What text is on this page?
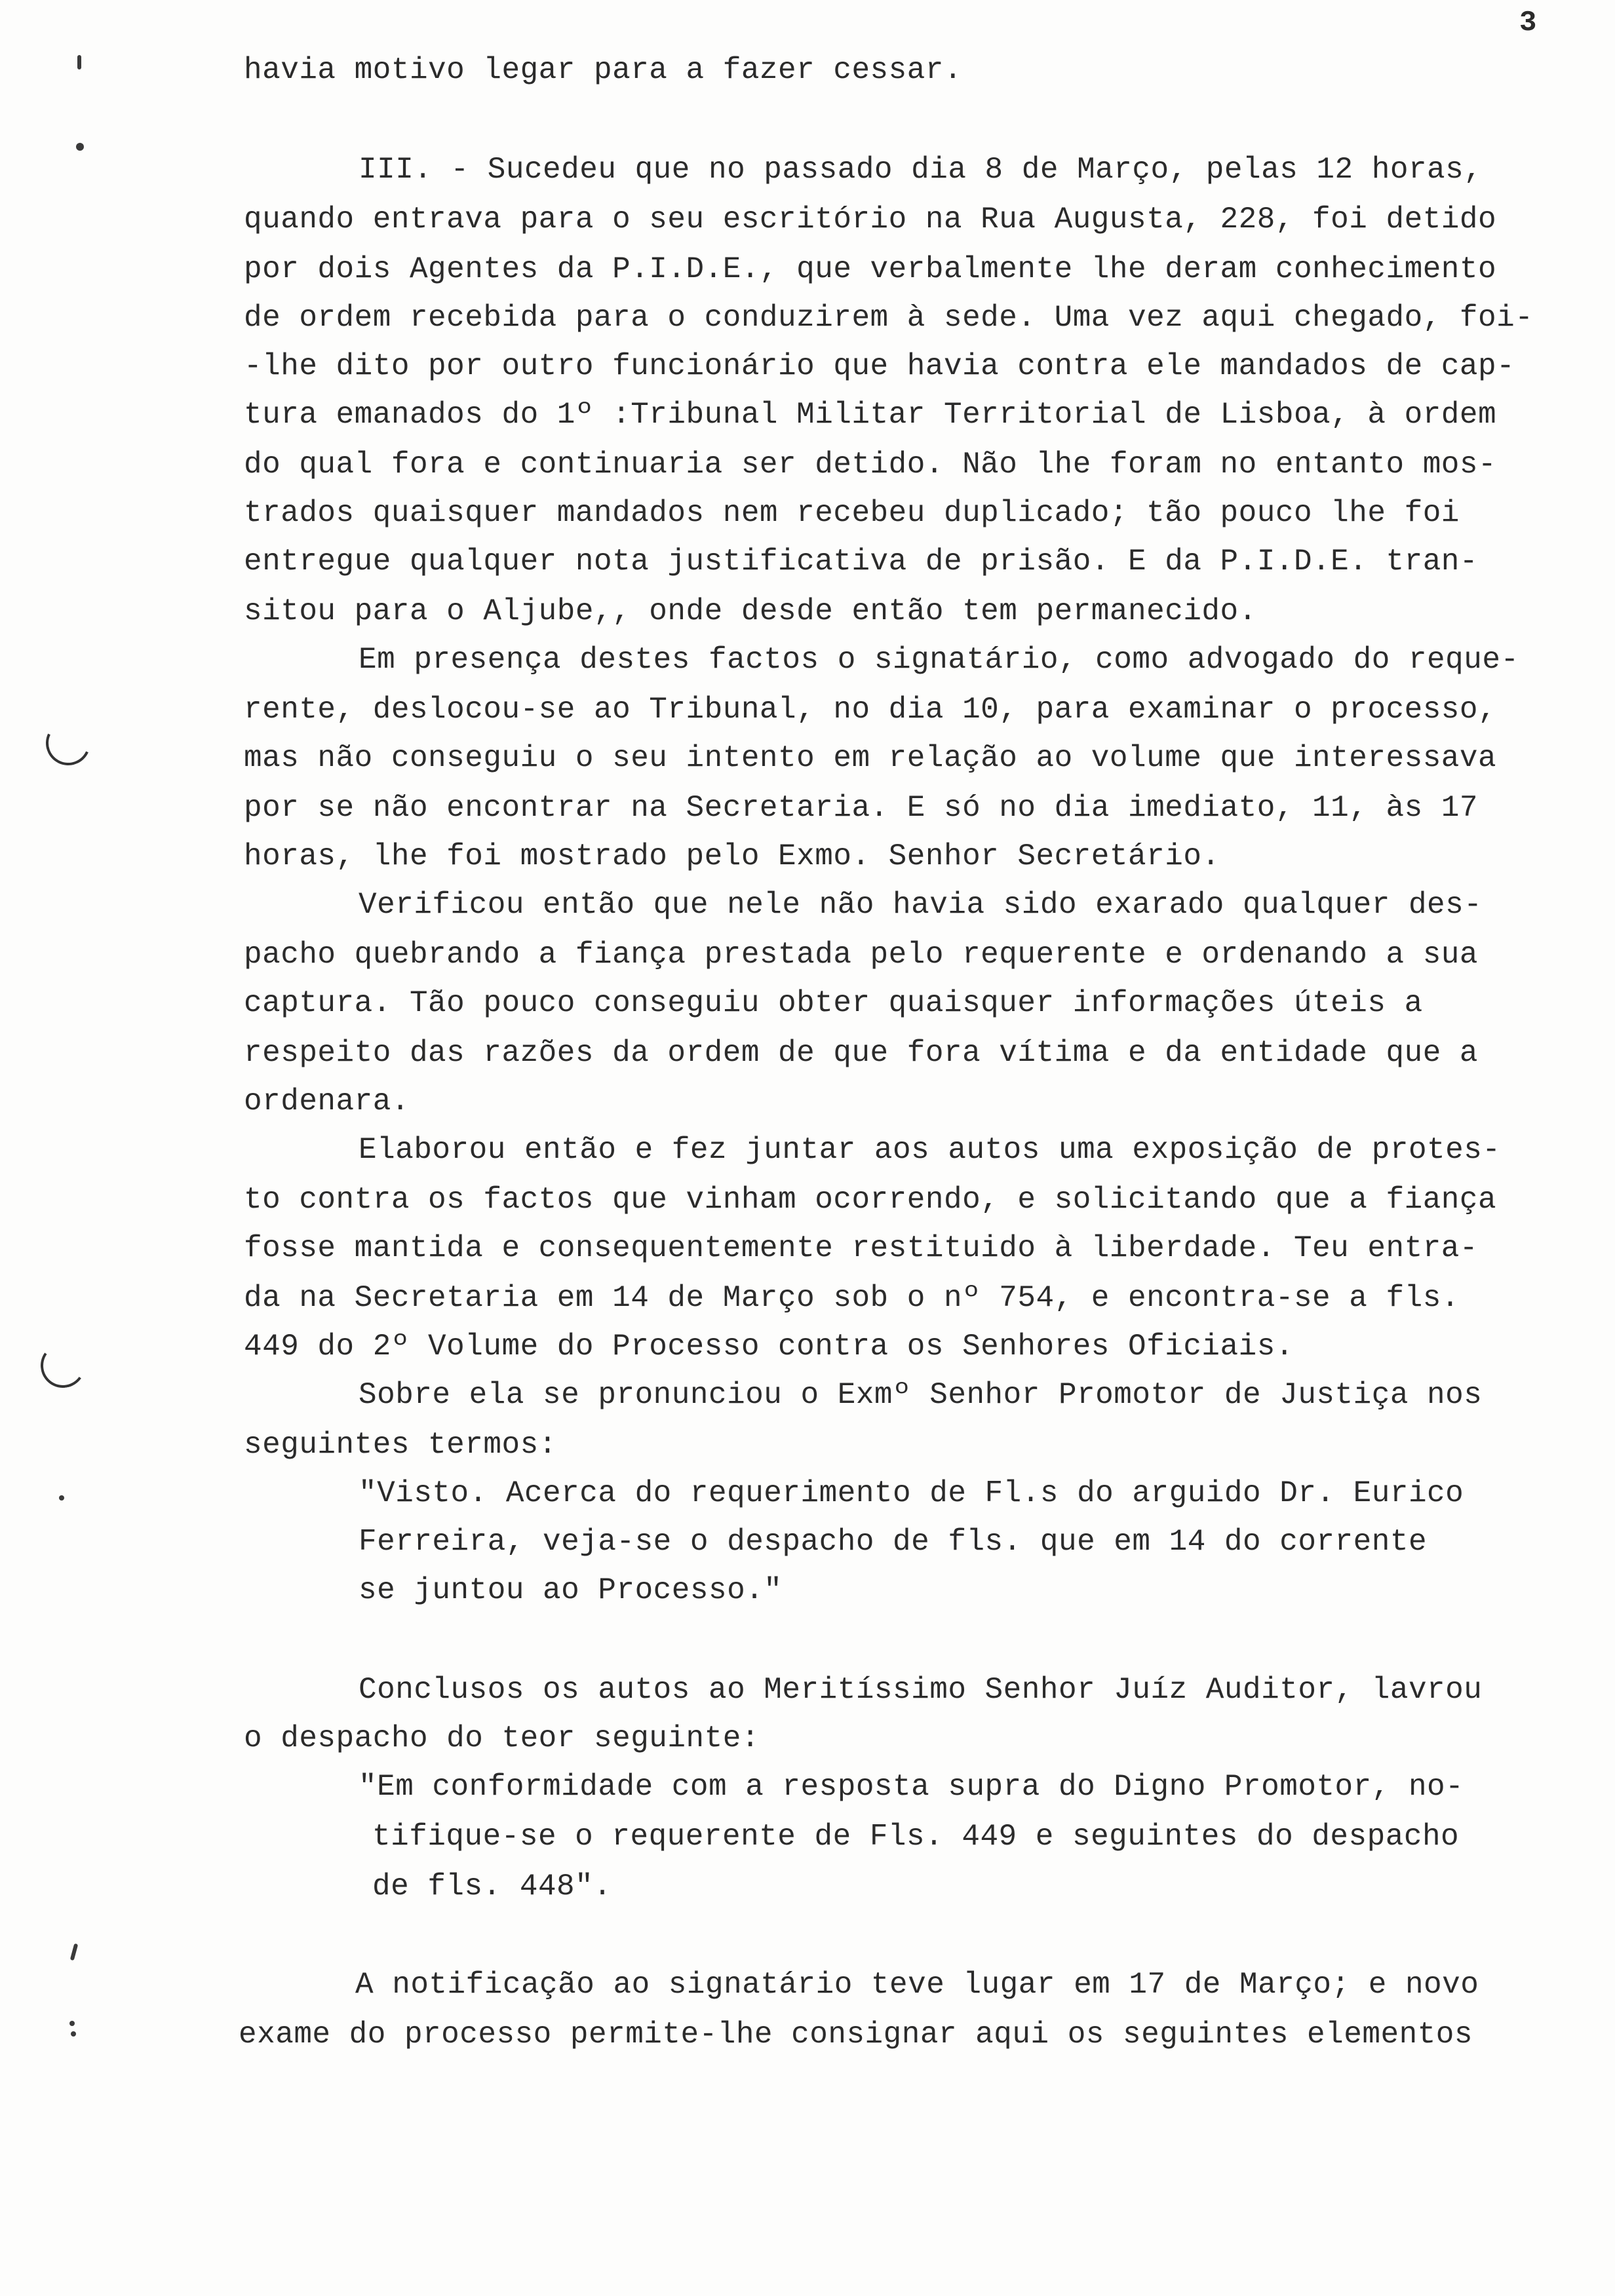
3
havia motivo legar para a fazer cessar.
III. - Sucedeu que no passado dia 8 de Março, pelas 12 horas,
quando entrava para o seu escritório na Rua Augusta, 228, foi detido
por dois Agentes da P.I.D.E., que verbalmente lhe deram conhecimento
de ordem recebida para o conduzirem à sede. Uma vez aqui chegado, foi-
-lhe dito por outro funcionário que havia contra ele mandados de cap-
tura emanados do 1º :Tribunal Militar Territorial de Lisboa, à ordem
do qual fora e continuaria ser detido. Não lhe foram no entanto mos-
trados quaisquer mandados nem recebeu duplicado; tão pouco lhe foi
entregue qualquer nota justificativa de prisão. E da P.I.D.E. tran-
sitou para o Aljube,, onde desde então tem permanecido.
Em presença destes factos o signatário, como advogado do reque-
rente, deslocou-se ao Tribunal, no dia 10, para examinar o processo,
mas não conseguiu o seu intento em relação ao volume que interessava
por se não encontrar na Secretaria. E só no dia imediato, 11, às 17
horas, lhe foi mostrado pelo Exmo. Senhor Secretário.
Verificou então que nele não havia sido exarado qualquer des-
pacho quebrando a fiança prestada pelo requerente e ordenando a sua
captura. Tão pouco conseguiu obter quaisquer informações úteis a
respeito das razões da ordem de que fora vítima e da entidade que a
ordenara.
Elaborou então e fez juntar aos autos uma exposição de protes-
to contra os factos que vinham ocorrendo, e solicitando que a fiança
fosse mantida e consequentemente restituido à liberdade. Teu entra-
da na Secretaria em 14 de Março sob o nº 754, e encontra-se a fls.
449 do 2º Volume do Processo contra os Senhores Oficiais.
Sobre ela se pronunciou o Exmº Senhor Promotor de Justiça nos
seguintes termos:
"Visto. Acerca do requerimento de Fl.s do arguido Dr. Eurico
Ferreira, veja-se o despacho de fls. que em 14 do corrente
se juntou ao Processo."
Conclusos os autos ao Meritíssimo Senhor Juíz Auditor, lavrou
o despacho do teor seguinte:
"Em conformidade com a resposta supra do Digno Promotor, no-
tifique-se o requerente de Fls. 449 e seguintes do despacho
de fls. 448".
A notificação ao signatário teve lugar em 17 de Março; e novo
exame do processo permite-lhe consignar aqui os seguintes elementos
